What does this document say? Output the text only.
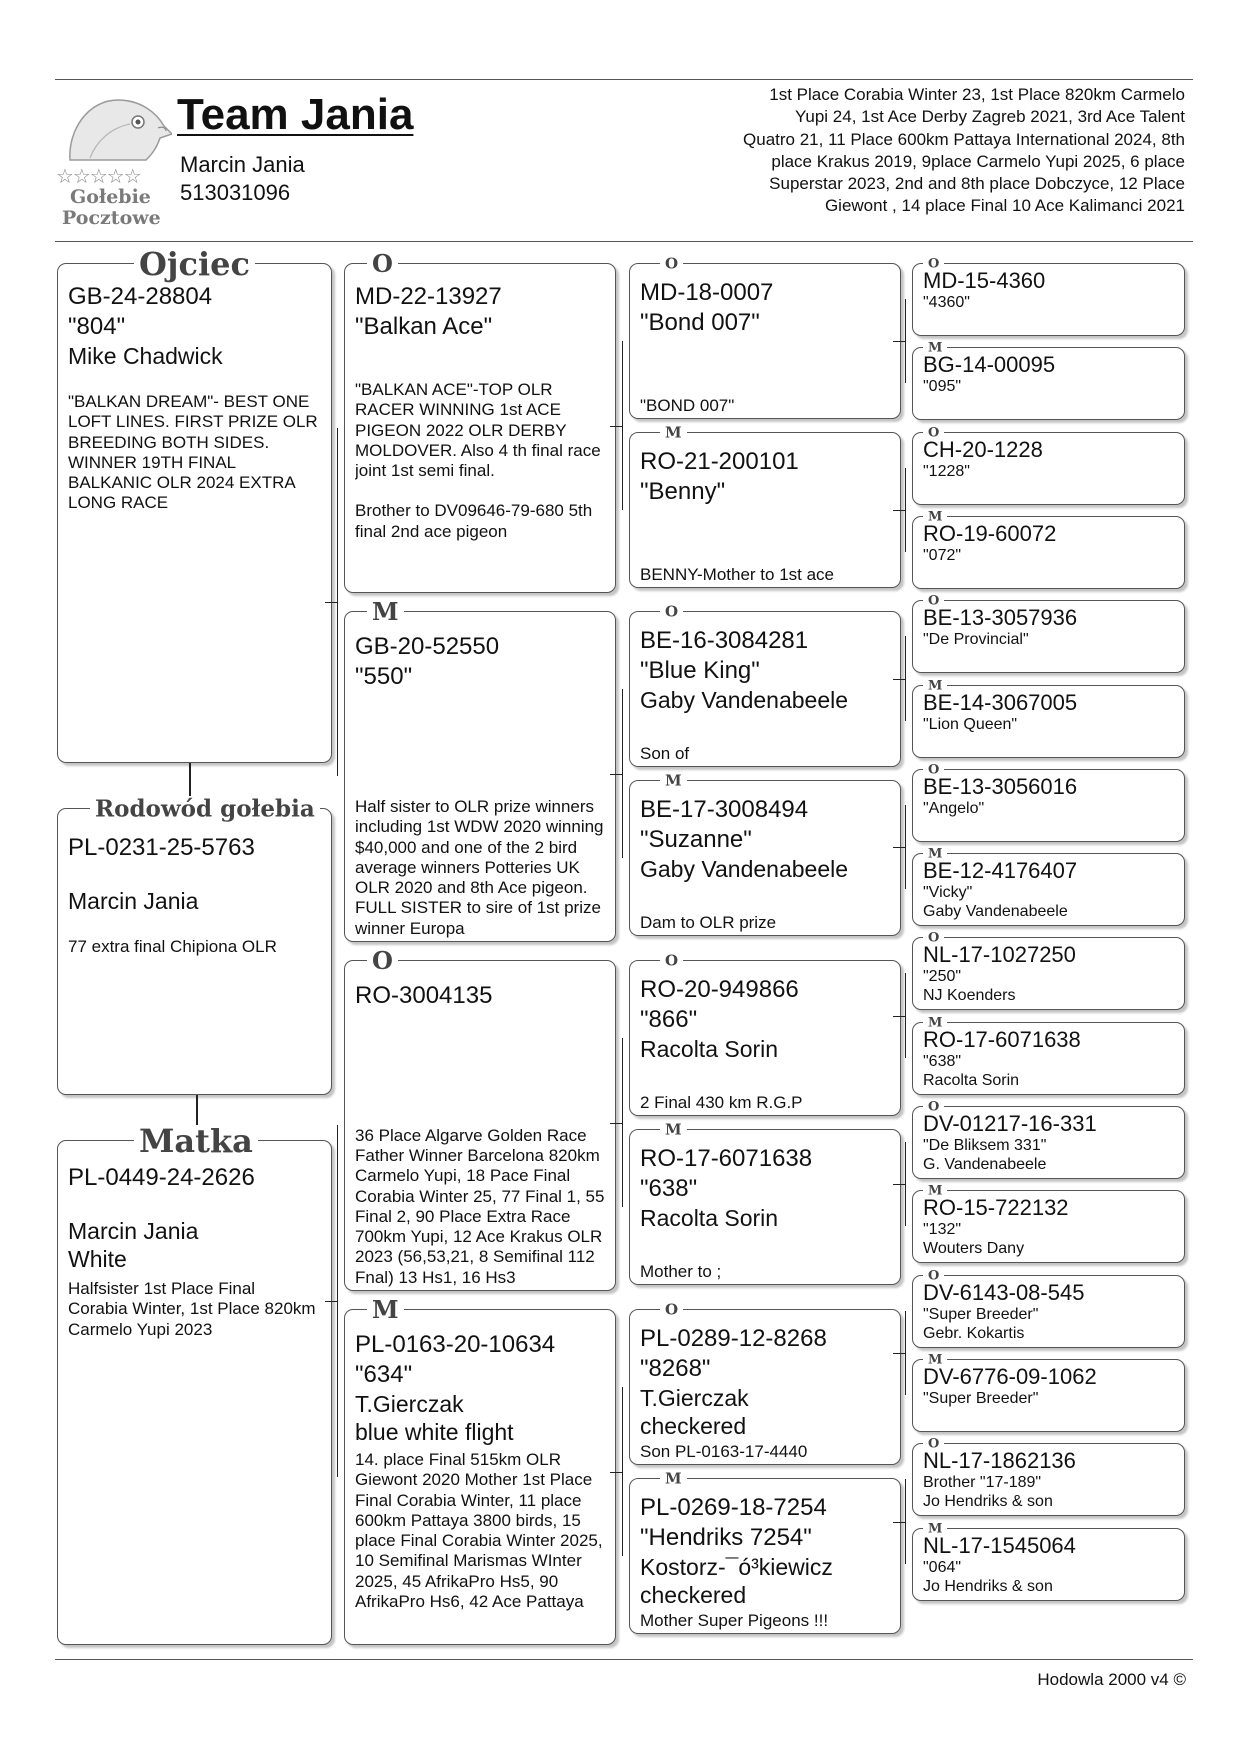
☆☆☆☆☆
Gołebie
Pocztowe
Team Jania
Marcin Jania
513031096
1st Place Corabia Winter 23, 1st Place 820km Carmelo Yupi 24, 1st Ace Derby Zagreb 2021, 3rd Ace Talent Quatro 21, 11 Place 600km Pattaya International 2024, 8th place Krakus 2019, 9place Carmelo Yupi 2025, 6 place Superstar 2023, 2nd and 8th place Dobczyce, 12 Place Giewont , 14 place Final 10 Ace Kalimanci 2021
Ojciec
GB-24-28804
"804"
Mike Chadwick
"BALKAN DREAM"- BEST ONE LOFT LINES. FIRST PRIZE OLR BREEDING BOTH SIDES. WINNER 19TH FINAL BALKANIC OLR 2024 EXTRA LONG RACE
Rodowód gołebia
PL-0231-25-5763
Marcin Jania
77 extra final Chipiona OLR
Matka
PL-0449-24-2626
Marcin Jania
White
Halfsister 1st Place Final Corabia Winter, 1st Place 820km Carmelo Yupi 2023
O
MD-22-13927
"Balkan Ace"
"BALKAN ACE"-TOP OLR RACER WINNING 1st ACE PIGEON 2022 OLR DERBY MOLDOVER. Also 4 th final race joint 1st semi final.
Brother to DV09646-79-680 5th final 2nd ace pigeon
M
GB-20-52550
"550"
Half sister to OLR prize winners including 1st WDW 2020 winning $40,000 and one of the 2 bird average winners Potteries UK OLR 2020 and 8th Ace pigeon. FULL SISTER to sire of 1st prize winner Europa
O
RO-3004135
36 Place Algarve Golden Race Father Winner Barcelona 820km Carmelo Yupi, 18 Pace Final Corabia Winter 25, 77 Final 1, 55 Final 2, 90 Place Extra Race 700km Yupi, 12 Ace Krakus OLR 2023 (56,53,21, 8 Semifinal 112 Fnal) 13 Hs1, 16 Hs3
M
PL-0163-20-10634
"634"
T.Gierczak
blue white flight
14. place Final 515km OLR Giewont 2020 Mother 1st Place Final Corabia Winter, 11 place 600km Pattaya 3800 birds, 15 place Final Corabia Winter 2025, 10 Semifinal Marismas WInter 2025, 45 AfrikaPro Hs5, 90 AfrikaPro Hs6, 42 Ace Pattaya
O
MD-18-0007
"Bond 007"
"BOND 007"
M
RO-21-200101
"Benny"
BENNY-Mother to 1st ace
O
BE-16-3084281
"Blue King"
Gaby Vandenabeele
Son of
M
BE-17-3008494
"Suzanne"
Gaby Vandenabeele
Dam to OLR prize
O
RO-20-949866
"866"
Racolta Sorin
2 Final 430 km R.G.P
M
RO-17-6071638
"638"
Racolta Sorin
Mother to ;
O
PL-0289-12-8268
"8268"
T.Gierczak
checkered
Son PL-0163-17-4440
M
PL-0269-18-7254
"Hendriks 7254"
Kostorz-¯ó³kiewicz
checkered
Mother Super Pigeons !!!
O
MD-15-4360
"4360"
M
BG-14-00095
"095"
O
CH-20-1228
"1228"
M
RO-19-60072
"072"
O
BE-13-3057936
"De Provincial"
M
BE-14-3067005
"Lion Queen"
O
BE-13-3056016
"Angelo"
M
BE-12-4176407
"Vicky"
Gaby Vandenabeele
O
NL-17-1027250
"250"
NJ Koenders
M
RO-17-6071638
"638"
Racolta Sorin
O
DV-01217-16-331
"De Bliksem 331"
G. Vandenabeele
M
RO-15-722132
"132"
Wouters Dany
O
DV-6143-08-545
"Super Breeder"
Gebr. Kokartis
M
DV-6776-09-1062
"Super Breeder"
O
NL-17-1862136
Brother "17-189"
Jo Hendriks & son
M
NL-17-1545064
"064"
Jo Hendriks & son
Hodowla 2000 v4 ©
